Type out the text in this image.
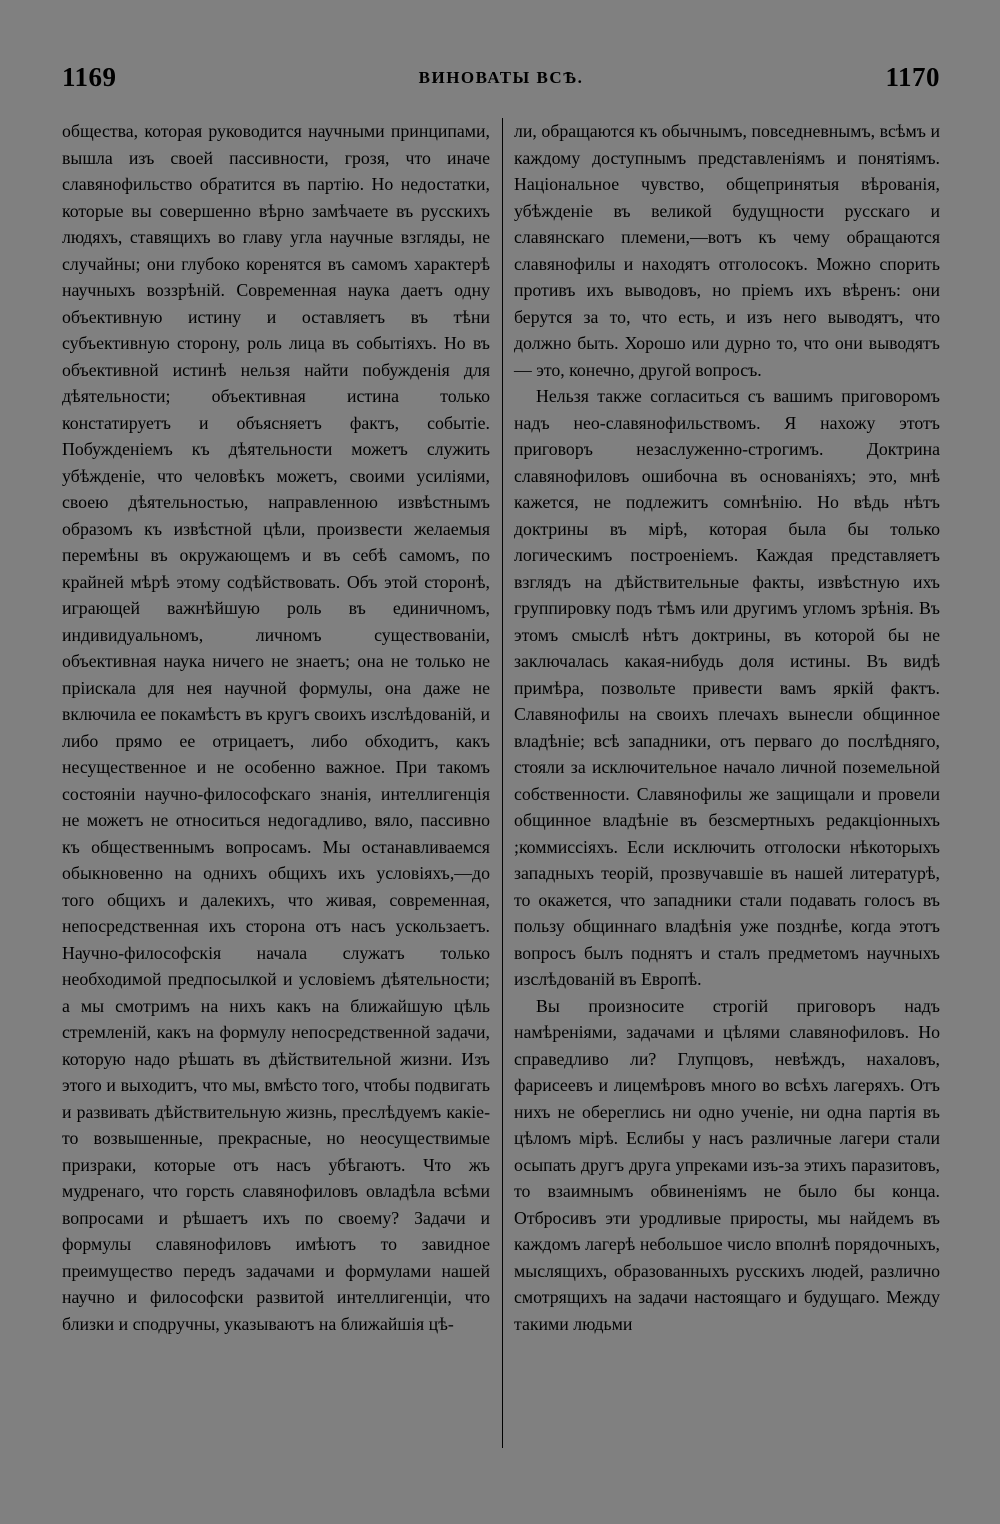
1169	ВИНОВАТЫ ВСѢ.	1170

общества, которая руководится научными принципами, вышла изъ своей пассивности, грозя, что иначе славянофильство обратится въ партію. Но недостатки, которые вы совершенно вѣрно замѣчаете въ русскихъ людяхъ, ставящихъ во главу угла научные взгляды, не случайны; они глубоко коренятся въ самомъ характерѣ научныхъ воззрѣній. Современная наука даетъ одну объективную истину и оставляетъ въ тѣни субъективную сторону, роль лица въ событіяхъ. Но въ объективной истинѣ нельзя найти побужденія для дѣятельности; объективная истина только констатируетъ и объясняетъ фактъ, событіе. Побужденіемъ къ дѣятельности можетъ служить убѣжденіе, что человѣкъ можетъ, своими усиліями, своею дѣятельностью, направленною извѣстнымъ образомъ къ извѣстной цѣли, произвести желаемыя перемѣны въ окружающемъ и въ себѣ самомъ, по крайней мѣрѣ этому содѣйствовать. Объ этой сторонѣ, играющей важнѣйшую роль въ единичномъ, индивидуальномъ, личномъ существованіи, объективная наука ничего не знаетъ; она не только не пріискала для нея научной формулы, она даже не включила ее покамѣстъ въ кругъ своихъ изслѣдованій, и либо прямо ее отрицаетъ, либо обходитъ, какъ несущественное и не особенно важное. При такомъ состояніи научно-философскаго знанія, интеллигенція не можетъ не относиться недогадливо, вяло, пассивно къ общественнымъ вопросамъ. Мы останавливаемся обыкновенно на однихъ общихъ ихъ условіяхъ,—до того общихъ и далекихъ, что живая, современная, непосредственная ихъ сторона отъ насъ ускользаетъ. Научно-философскія начала служатъ только необходимой предпосылкой и условіемъ дѣятельности; а мы смотримъ на нихъ какъ на ближайшую цѣль стремленій, какъ на формулу непосредственной задачи, которую надо рѣшать въ дѣйствительной жизни. Изъ этого и выходитъ, что мы, вмѣсто того, чтобы подвигать и развивать дѣйствительную жизнь, преслѣдуемъ какіе-то возвышенные, прекрасные, но неосуществимые призраки, которые отъ насъ убѣгаютъ. Что жъ мудренаго, что горсть славянофиловъ овладѣла всѣми вопросами и рѣшаетъ ихъ по своему? Задачи и формулы славянофиловъ имѣютъ то завидное преимущество передъ задачами и формулами нашей научно и философски развитой интеллигенціи, что близки и сподручны, указываютъ на ближайшія цѣ-

ли, обращаются къ обычнымъ, повседневнымъ, всѣмъ и каждому доступнымъ представленіямъ и понятіямъ. Національное чувство, общепринятыя вѣрованія, убѣжденіе въ великой будущности русскаго и славянскаго племени,—вотъ къ чему обращаются славянофилы и находятъ отголосокъ. Можно спорить противъ ихъ выводовъ, но пріемъ ихъ вѣренъ: они берутся за то, что есть, и изъ него выводятъ, что должно быть. Хорошо или дурно то, что они выводятъ — это, конечно, другой вопросъ.

Нельзя также согласиться съ вашимъ приговоромъ надъ нео-славянофильствомъ. Я нахожу этотъ приговоръ незаслуженно-строгимъ. Доктрина славянофиловъ ошибочна въ основаніяхъ; это, мнѣ кажется, не подлежитъ сомнѣнію. Но вѣдь нѣтъ доктрины въ мірѣ, которая была бы только логическимъ построеніемъ. Каждая представляетъ взглядъ на дѣйствительные факты, извѣстную ихъ группировку подъ тѣмъ или другимъ угломъ зрѣнія. Въ этомъ смыслѣ нѣтъ доктрины, въ которой бы не заключалась какая-нибудь доля истины. Въ видѣ примѣра, позвольте привести вамъ яркій фактъ. Славянофилы на своихъ плечахъ вынесли общинное владѣніе; всѣ западники, отъ перваго до послѣдняго, стояли за исключительное начало личной поземельной собственности. Славянофилы же защищали и провели общинное владѣніе въ безсмертныхъ редакціонныхъ ;коммиссіяхъ. Если исключить отголоски нѣкоторыхъ западныхъ теорій, прозвучавшіе въ нашей литературѣ, то окажется, что западники стали подавать голосъ въ пользу общиннаго владѣнія уже позднѣе, когда этотъ вопросъ былъ поднятъ и сталъ предметомъ научныхъ изслѣдованій въ Европѣ.

Вы произносите строгій приговоръ надъ намѣреніями, задачами и цѣлями славянофиловъ. Но справедливо ли? Глупцовъ, невѣждъ, нахаловъ, фарисеевъ и лицемѣровъ много во всѣхъ лагеряхъ. Отъ нихъ не обереглись ни одно ученіе, ни одна партія въ цѣломъ мірѣ. Еслибы у насъ различные лагери стали осыпать другъ друга упреками изъ-за этихъ паразитовъ, то взаимнымъ обвиненіямъ не было бы конца. Отбросивъ эти уродливые приросты, мы найдемъ въ каждомъ лагерѣ небольшое число вполнѣ порядочныхъ, мыслящихъ, образованныхъ русскихъ людей, различно смотрящихъ на задачи настоящаго и будущаго. Между такими людьми
